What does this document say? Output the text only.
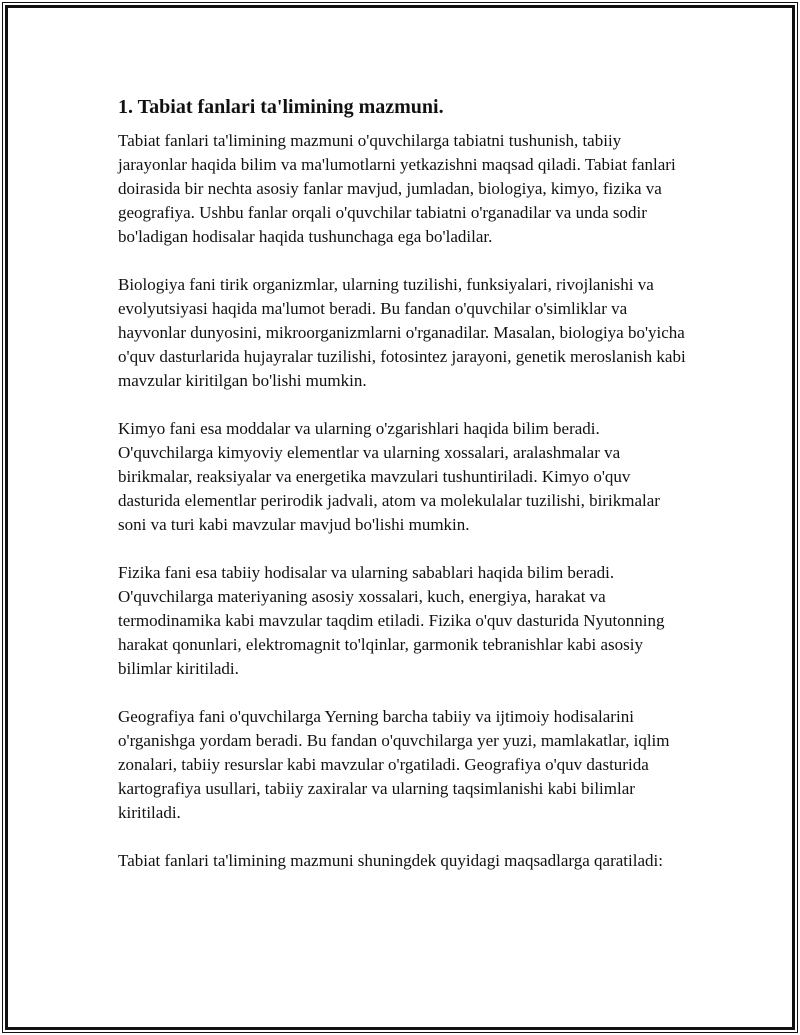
1. Tabiat fanlari ta'limining mazmuni.

Tabiat fanlari ta'limining mazmuni o'quvchilarga tabiatni tushunish, tabiiy jarayonlar haqida bilim va ma'lumotlarni yetkazishni maqsad qiladi. Tabiat fanlari doirasida bir nechta asosiy fanlar mavjud, jumladan, biologiya, kimyo, fizika va geografiya. Ushbu fanlar orqali o'quvchilar tabiatni o'rganadilar va unda sodir bo'ladigan hodisalar haqida tushunchaga ega bo'ladilar.

Biologiya fani tirik organizmlar, ularning tuzilishi, funksiyalari, rivojlanishi va evolyutsiyasi haqida ma'lumot beradi. Bu fandan o'quvchilar o'simliklar va hayvonlar dunyosini, mikroorganizmlarni o'rganadilar. Masalan, biologiya bo'yicha o'quv dasturlarida hujayralar tuzilishi, fotosintez jarayoni, genetik meroslanish kabi mavzular kiritilgan bo'lishi mumkin.

Kimyo fani esa moddalar va ularning o'zgarishlari haqida bilim beradi. O'quvchilarga kimyoviy elementlar va ularning xossalari, aralashmalar va birikmalar, reaksiyalar va energetika mavzulari tushuntiriladi. Kimyo o'quv dasturida elementlar perirodik jadvali, atom va molekulalar tuzilishi, birikmalar soni va turi kabi mavzular mavjud bo'lishi mumkin.

Fizika fani esa tabiiy hodisalar va ularning sabablari haqida bilim beradi. O'quvchilarga materiyaning asosiy xossalari, kuch, energiya, harakat va termodinamika kabi mavzular taqdim etiladi. Fizika o'quv dasturida Nyutonning harakat qonunlari, elektromagnit to'lqinlar, garmonik tebranishlar kabi asosiy bilimlar kiritiladi.

Geografiya fani o'quvchilarga Yerning barcha tabiiy va ijtimoiy hodisalarini o'rganishga yordam beradi. Bu fandan o'quvchilarga yer yuzi, mamlakatlar, iqlim zonalari, tabiiy resurslar kabi mavzular o'rgatiladi. Geografiya o'quv dasturida kartografiya usullari, tabiiy zaxiralar va ularning taqsimlanishi kabi bilimlar kiritiladi.

Tabiat fanlari ta'limining mazmuni shuningdek quyidagi maqsadlarga qaratiladi:
